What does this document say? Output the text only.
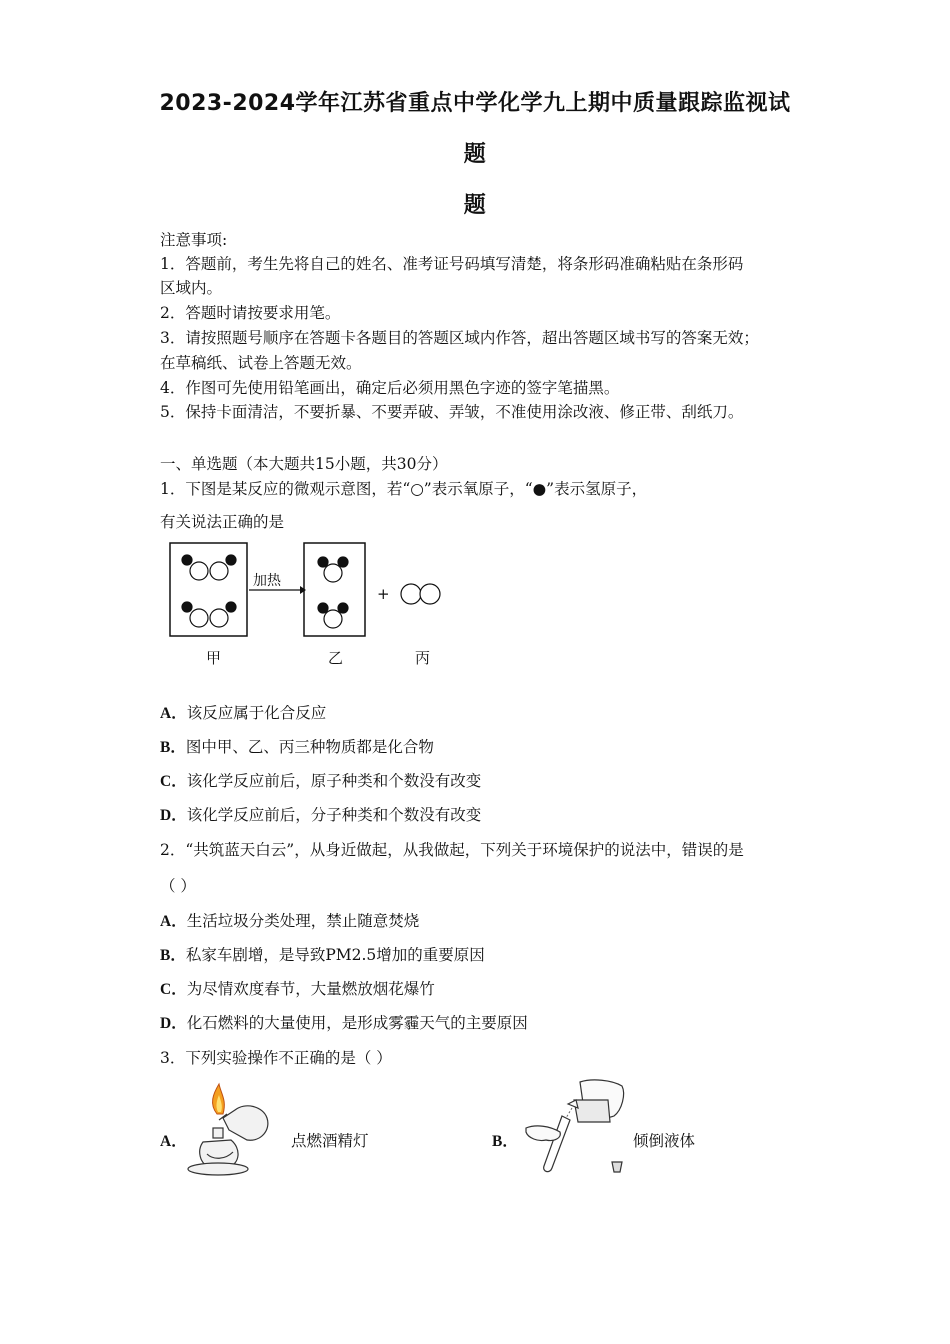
2023-2024学年江苏省重点中学化学九上期中质量跟踪监视试
题
题
注意事项:
1．答题前，考生先将自己的姓名、准考证号码填写清楚，将条形码准确粘贴在条形码
区域内。
2．答题时请按要求用笔。
3．请按照题号顺序在答题卡各题目的答题区域内作答，超出答题区域书写的答案无效；
在草稿纸、试卷上答题无效。
4．作图可先使用铅笔画出，确定后必须用黑色字迹的签字笔描黑。
5．保持卡面清洁，不要折暴、不要弄破、弄皱，不准使用涂改液、修正带、刮纸刀。
一、单选题（本大题共15小题，共30分）
1．下图是某反应的微观示意图，若“○”表示氧原子，“●”表示氢原子，
有关说法正确的是
加热
+
甲	乙	丙
A．该反应属于化合反应
B．图中甲、乙、丙三种物质都是化合物
C．该化学反应前后，原子种类和个数没有改变
D．该化学反应前后，分子种类和个数没有改变
2．“共筑蓝天白云”，从身近做起，从我做起，下列关于环境保护的说法中，错误的是
（ ）
A．生活垃圾分类处理，禁止随意焚烧
B．私家车剧增，是导致PM2.5增加的重要原因
C．为尽情欢度春节，大量燃放烟花爆竹
D．化石燃料的大量使用，是形成雾霾天气的主要原因
3．下列实验操作不正确的是（ ）
A．	点燃酒精灯	B．	倾倒液体
